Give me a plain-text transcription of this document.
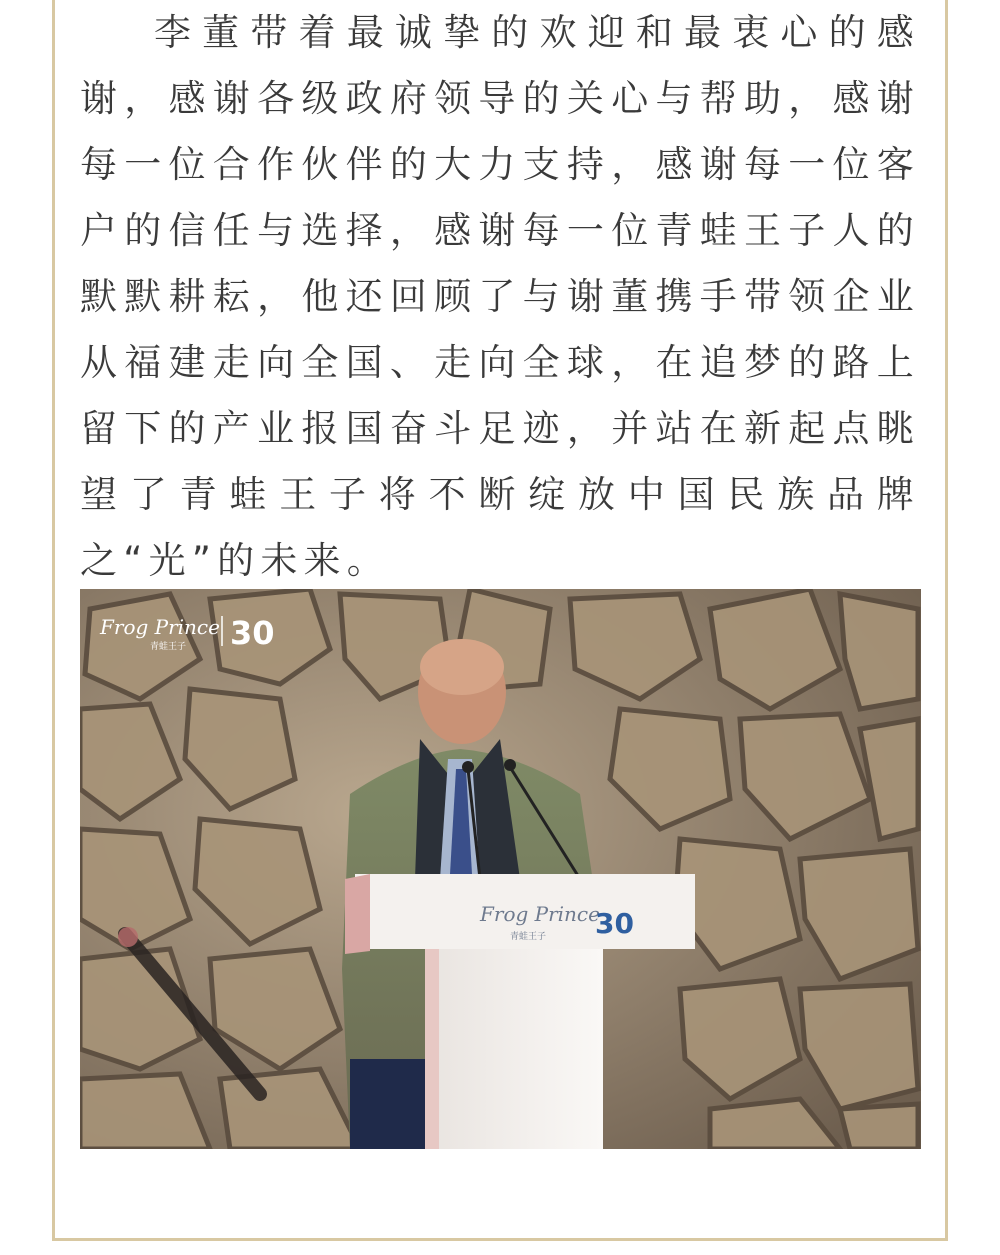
李董带着最诚挚的欢迎和最衷心的感谢，感谢各级政府领导的关心与帮助，感谢每一位合作伙伴的大力支持，感谢每一位客户的信任与选择，感谢每一位青蛙王子人的默默耕耘，他还回顾了与谢董携手带领企业从福建走向全国、走向全球，在追梦的路上留下的产业报国奋斗足迹，并站在新起点眺望了青蛙王子将不断绽放中国民族品牌之“光”的未来。

Frog Prince
青蛙王子 30
Frog Prince
青蛙王子 30
